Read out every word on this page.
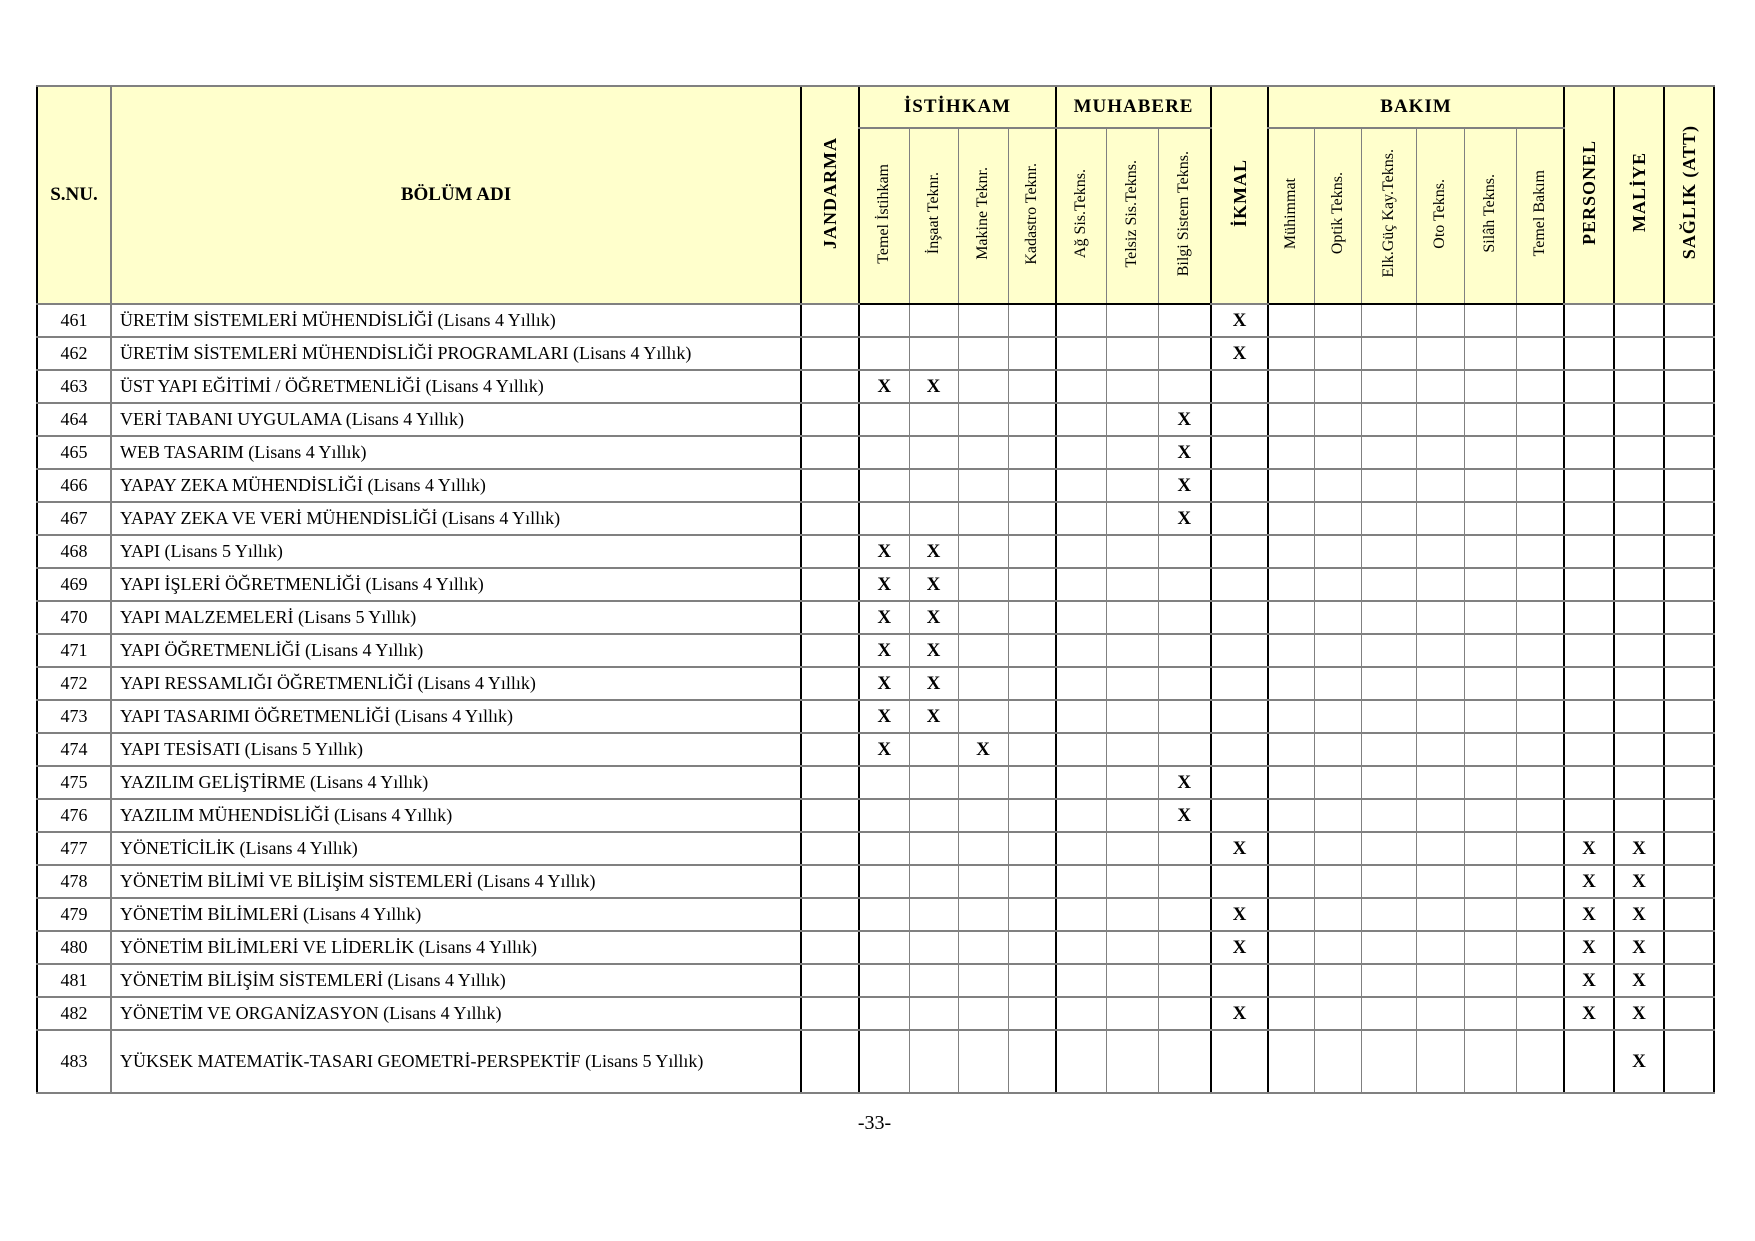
S.NU.	BÖLÜM ADI	JANDARMA	İSTİHKAM				MUHABERE			İKMAL	BAKIM						PERSONEL	MALİYE	SAĞLIK (ATT)
			Temel İstihkam	İnşaat Teknr.	Makine Teknr.	Kadastro Teknr.	Ağ Sis.Tekns.	Telsiz Sis.Tekns.	Bilgi Sistem Tekns.		Mühimmat	Optik Tekns.	Elk.Güç Kay.Tekns.	Oto Tekns.	Silâh Tekns.	Temel Bakım			
461	ÜRETİM SİSTEMLERİ MÜHENDİSLİĞİ (Lisans 4 Yıllık)									X									
462	ÜRETİM SİSTEMLERİ MÜHENDİSLİĞİ PROGRAMLARI (Lisans 4 Yıllık)									X									
463	ÜST YAPI EĞİTİMİ / ÖĞRETMENLİĞİ (Lisans 4 Yıllık)		X	X															
464	VERİ TABANI UYGULAMA (Lisans 4 Yıllık)								X										
465	WEB TASARIM (Lisans 4 Yıllık)								X										
466	YAPAY ZEKA MÜHENDİSLİĞİ (Lisans 4 Yıllık)								X										
467	YAPAY ZEKA VE VERİ MÜHENDİSLİĞİ (Lisans 4 Yıllık)								X										
468	YAPI (Lisans 5 Yıllık)		X	X															
469	YAPI İŞLERİ ÖĞRETMENLİĞİ (Lisans 4 Yıllık)		X	X															
470	YAPI MALZEMELERİ (Lisans 5 Yıllık)		X	X															
471	YAPI ÖĞRETMENLİĞİ (Lisans 4 Yıllık)		X	X															
472	YAPI RESSAMLIĞI ÖĞRETMENLİĞİ (Lisans 4 Yıllık)		X	X															
473	YAPI TASARIMI ÖĞRETMENLİĞİ (Lisans 4 Yıllık)		X	X															
474	YAPI TESİSATI (Lisans 5 Yıllık)		X		X														
475	YAZILIM GELİŞTİRME (Lisans 4 Yıllık)								X										
476	YAZILIM MÜHENDİSLİĞİ (Lisans 4 Yıllık)								X										
477	YÖNETİCİLİK (Lisans 4 Yıllık)									X							X	X	
478	YÖNETİM BİLİMİ VE BİLİŞİM SİSTEMLERİ (Lisans 4 Yıllık)																X	X	
479	YÖNETİM BİLİMLERİ (Lisans 4 Yıllık)									X							X	X	
480	YÖNETİM BİLİMLERİ VE LİDERLİK (Lisans 4 Yıllık)									X							X	X	
481	YÖNETİM BİLİŞİM SİSTEMLERİ (Lisans 4 Yıllık)																X	X	
482	YÖNETİM VE ORGANİZASYON (Lisans 4 Yıllık)									X							X	X	
483	YÜKSEK MATEMATİK-TASARI GEOMETRİ-PERSPEKTİF (Lisans 5 Yıllık)																	X	
-33-
